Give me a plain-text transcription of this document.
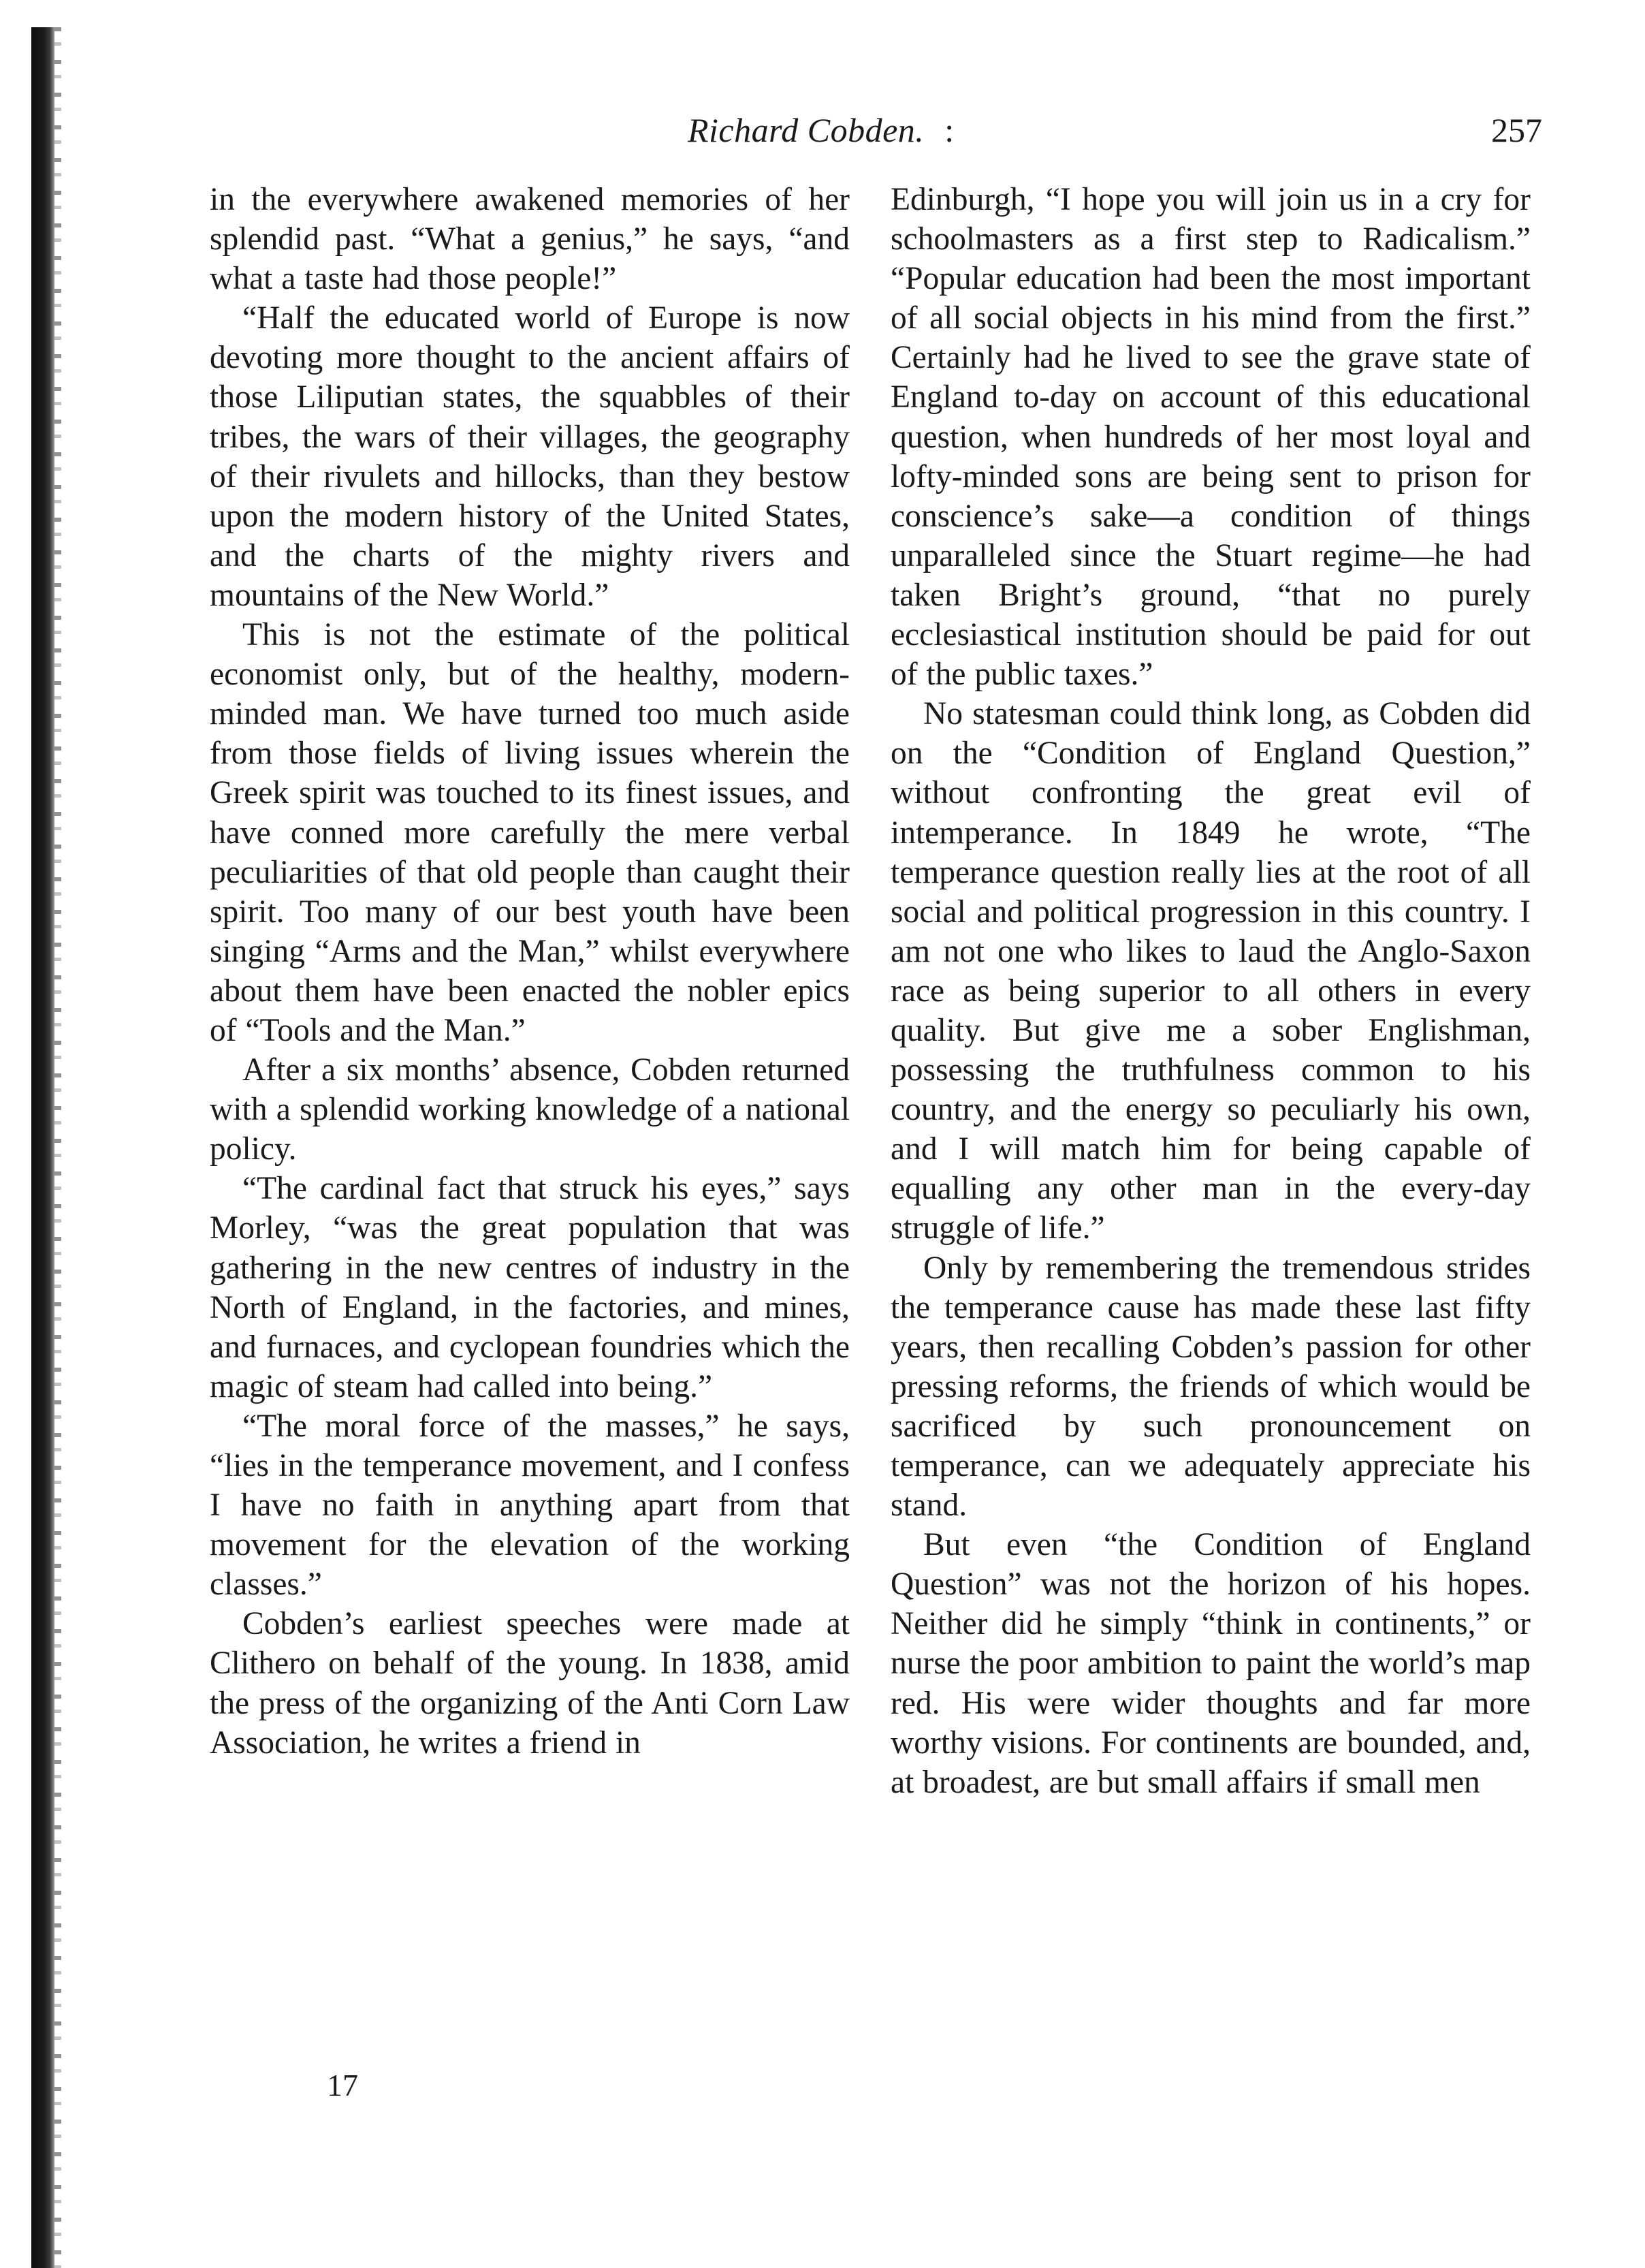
Richard Cobden. :	257

in the everywhere awakened memories of her splendid past. “What a genius,” he says, “and what a taste had those people!”

“Half the educated world of Europe is now devoting more thought to the ancient affairs of those Liliputian states, the squabbles of their tribes, the wars of their villages, the geography of their rivulets and hillocks, than they bestow upon the modern history of the United States, and the charts of the mighty rivers and mountains of the New World.”

This is not the estimate of the political economist only, but of the healthy, modern-minded man. We have turned too much aside from those fields of living issues wherein the Greek spirit was touched to its finest issues, and have conned more carefully the mere verbal peculiarities of that old people than caught their spirit. Too many of our best youth have been singing “Arms and the Man,” whilst everywhere about them have been enacted the nobler epics of “Tools and the Man.”

After a six months’ absence, Cobden returned with a splendid working knowledge of a national policy.

“The cardinal fact that struck his eyes,” says Morley, “was the great population that was gathering in the new centres of industry in the North of England, in the factories, and mines, and furnaces, and cyclopean foundries which the magic of steam had called into being.”

“The moral force of the masses,” he says, “lies in the temperance movement, and I confess I have no faith in anything apart from that movement for the elevation of the working classes.”

Cobden’s earliest speeches were made at Clithero on behalf of the young. In 1838, amid the press of the organizing of the Anti Corn Law Association, he writes a friend in

Edinburgh, “I hope you will join us in a cry for schoolmasters as a first step to Radicalism.” “Popular education had been the most important of all social objects in his mind from the first.” Certainly had he lived to see the grave state of England to-day on account of this educational question, when hundreds of her most loyal and lofty-minded sons are being sent to prison for conscience’s sake—a condition of things unparalleled since the Stuart regime—he had taken Bright’s ground, “that no purely ecclesiastical institution should be paid for out of the public taxes.”

No statesman could think long, as Cobden did on the “Condition of England Question,” without confronting the great evil of intemperance. In 1849 he wrote, “The temperance question really lies at the root of all social and political progression in this country. I am not one who likes to laud the Anglo-Saxon race as being superior to all others in every quality. But give me a sober Englishman, possessing the truthfulness common to his country, and the energy so peculiarly his own, and I will match him for being capable of equalling any other man in the every-day struggle of life.”

Only by remembering the tremendous strides the temperance cause has made these last fifty years, then recalling Cobden’s passion for other pressing reforms, the friends of which would be sacrificed by such pronouncement on temperance, can we adequately appreciate his stand.

But even “the Condition of England Question” was not the horizon of his hopes. Neither did he simply “think in continents,” or nurse the poor ambition to paint the world’s map red. His were wider thoughts and far more worthy visions. For continents are bounded, and, at broadest, are but small affairs if small men

17
